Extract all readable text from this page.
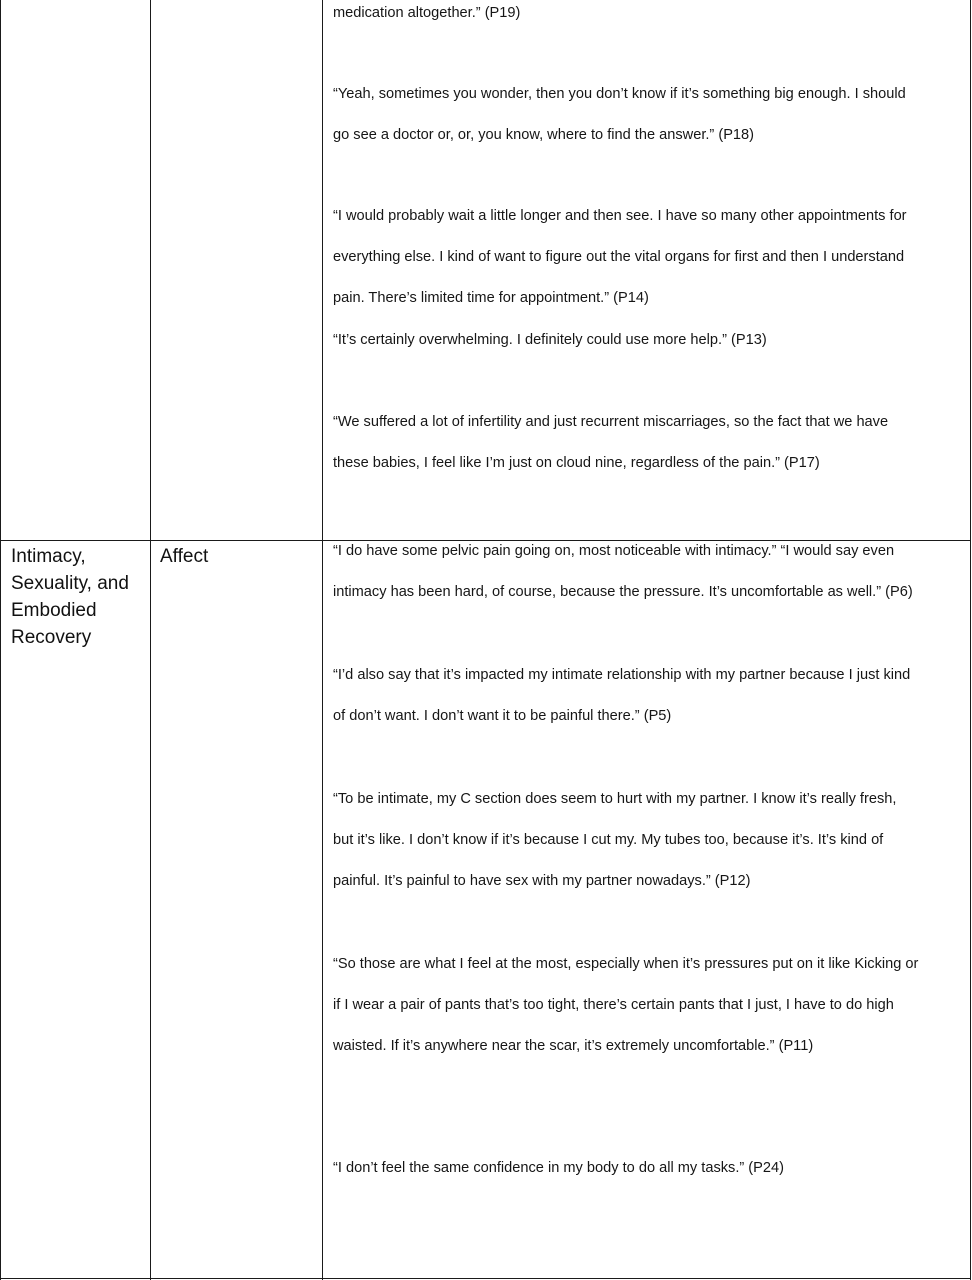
medication altogether.” (P19)
“Yeah, sometimes you wonder, then you don’t know if it’s something big enough. I should
go see a doctor or, or, you know, where to find the answer.” (P18)
“I would probably wait a little longer and then see. I have so many other appointments for
everything else. I kind of want to figure out the vital organs for first and then I understand
pain. There’s limited time for appointment.” (P14)
“It’s certainly overwhelming. I definitely could use more help.” (P13)
“We suffered a lot of infertility and just recurrent miscarriages, so the fact that we have
these babies, I feel like I’m just on cloud nine, regardless of the pain.” (P17)
Intimacy, Sexuality, and Embodied Recovery
Affect	“I do have some pelvic pain going on, most noticeable with intimacy.” “I would say even
intimacy has been hard, of course, because the pressure. It’s uncomfortable as well.” (P6)
“I’d also say that it’s impacted my intimate relationship with my partner because I just kind
of don’t want. I don’t want it to be painful there.” (P5)
“To be intimate, my C section does seem to hurt with my partner. I know it’s really fresh,
but it’s like. I don’t know if it’s because I cut my. My tubes too, because it’s. It’s kind of
painful. It’s painful to have sex with my partner nowadays.” (P12)
“So those are what I feel at the most, especially when it’s pressures put on it like Kicking or
if I wear a pair of pants that’s too tight, there’s certain pants that I just, I have to do high
waisted. If it’s anywhere near the scar, it’s extremely uncomfortable.” (P11)
“I don’t feel the same confidence in my body to do all my tasks.” (P24)
